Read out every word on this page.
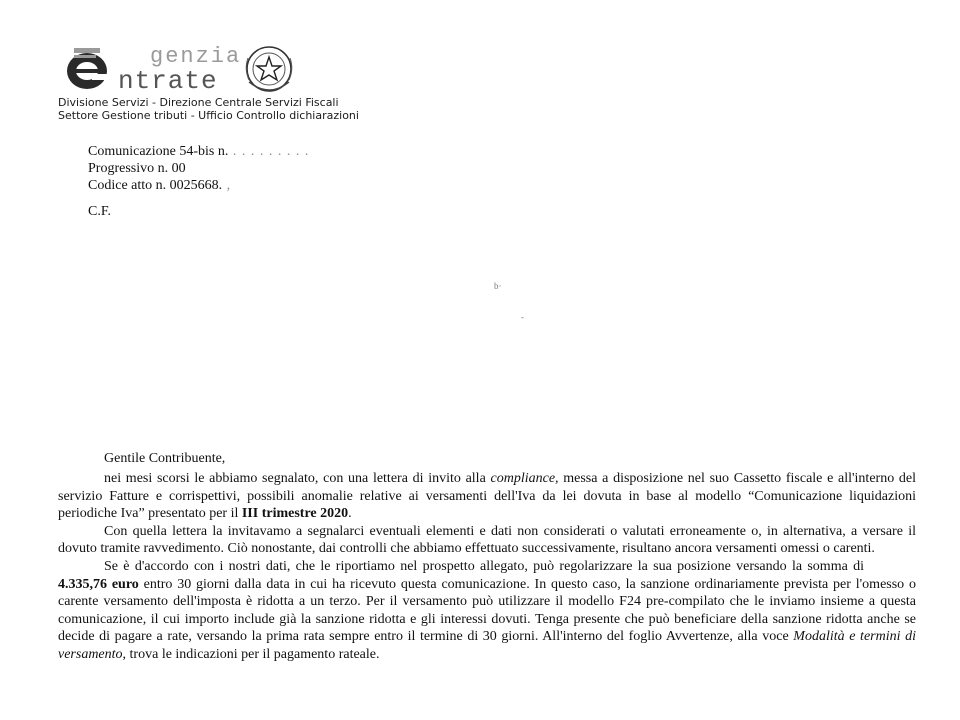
genzia
ntrate
Divisione Servizi - Direzione Centrale Servizi Fiscali
Settore Gestione tributi - Ufficio Controllo dichiarazioni
Comunicazione 54-bis n. . . . . . . . . .
Progressivo n. 00
Codice atto n. 0025668. ,
C.F.
b·
-
Gentile Contribuente,

nei mesi scorsi le abbiamo segnalato, con una lettera di invito alla compliance, messa a disposizione nel suo Cassetto fiscale e all'interno del servizio Fatture e corrispettivi, possibili anomalie relative ai versamenti dell'Iva da lei dovuta in base al modello “Comunicazione liquidazioni periodiche Iva” presentato per il III trimestre 2020.

Con quella lettera la invitavamo a segnalarci eventuali elementi e dati non considerati o valutati erroneamente o, in alternativa, a versare il dovuto tramite ravvedimento. Ciò nonostante, dai controlli che abbiamo effettuato successivamente, risultano ancora versamenti omessi o carenti.

Se è d'accordo con i nostri dati, che le riportiamo nel prospetto allegato, può regolarizzare la sua posizione versando la somma di4.335,76 euro entro 30 giorni dalla data in cui ha ricevuto questa comunicazione. In questo caso, la sanzione ordinariamente prevista per l'omesso o carente versamento dell'imposta è ridotta a un terzo. Per il versamento può utilizzare il modello F24 pre-compilato che le inviamo insieme a questa comunicazione, il cui importo include già la sanzione ridotta e gli interessi dovuti. Tenga presente che può beneficiare della sanzione ridotta anche se decide di pagare a rate, versando la prima rata sempre entro il termine di 30 giorni. All'interno del foglio Avvertenze, alla voce Modalità e termini di versamento, trova le indicazioni per il pagamento rateale.
